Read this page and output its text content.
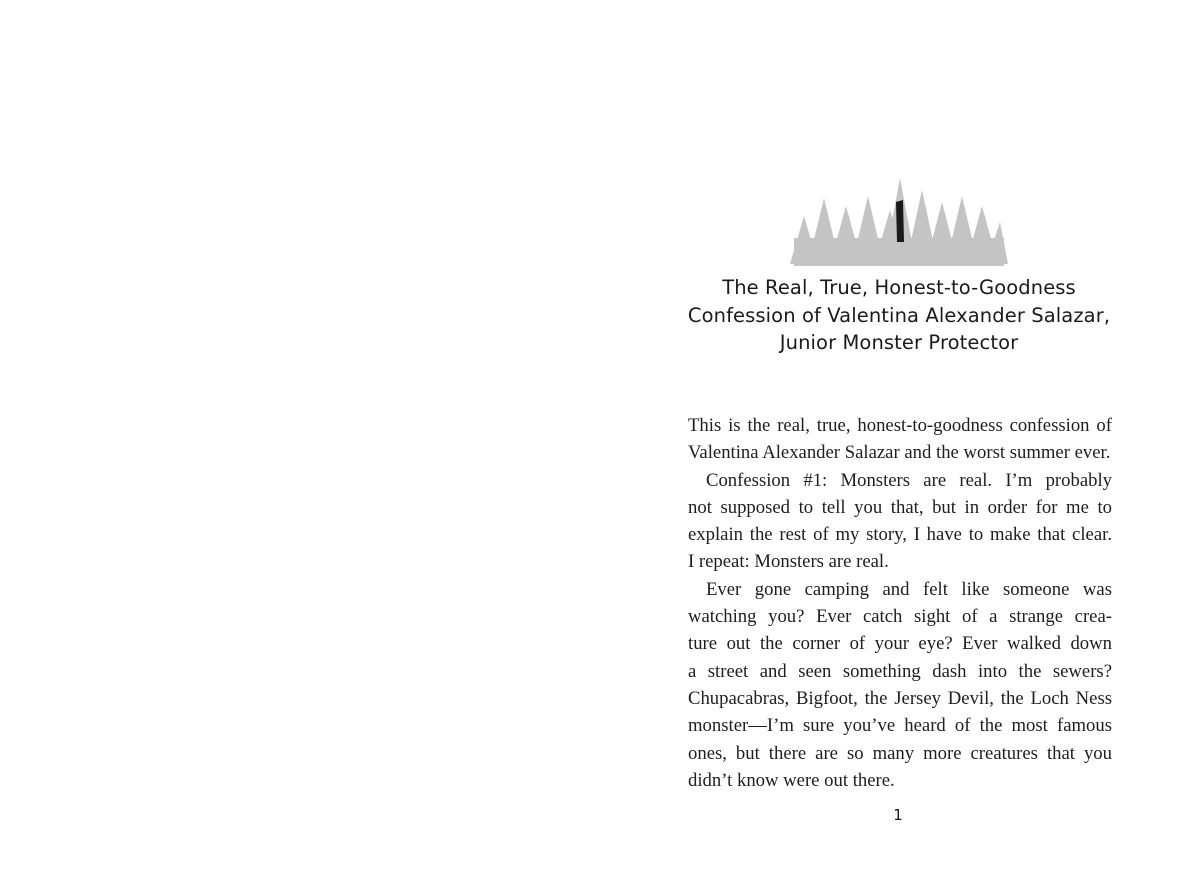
The Real, True, Honest-to-Goodness
Confession of Valentina Alexander Salazar,
Junior Monster Protector
This is the real, true, honest-to-goodness confession of
Valentina Alexander Salazar and the worst summer ever.
Confession #1: Monsters are real. I’m probably
not supposed to tell you that, but in order for me to
explain the rest of my story, I have to make that clear.
I repeat: Monsters are real.
Ever gone camping and felt like someone was
watching you? Ever catch sight of a strange crea-
ture out the corner of your eye? Ever walked down
a street and seen something dash into the sewers?
Chupacabras, Bigfoot, the Jersey Devil, the Loch Ness
monster—I’m sure you’ve heard of the most famous
ones, but there are so many more creatures that you
didn’t know were out there.
1
